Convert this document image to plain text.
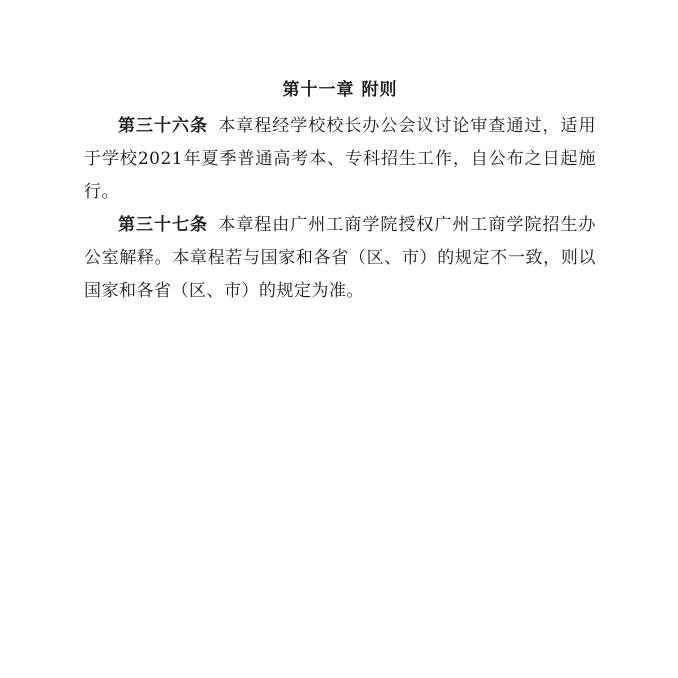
第十一章 附则

第三十六条 本章程经学校校长办公会议讨论审查通过，适用于学校2021年夏季普通高考本、专科招生工作，自公布之日起施行。

第三十七条 本章程由广州工商学院授权广州工商学院招生办公室解释。本章程若与国家和各省（区、市）的规定不一致，则以国家和各省（区、市）的规定为准。
